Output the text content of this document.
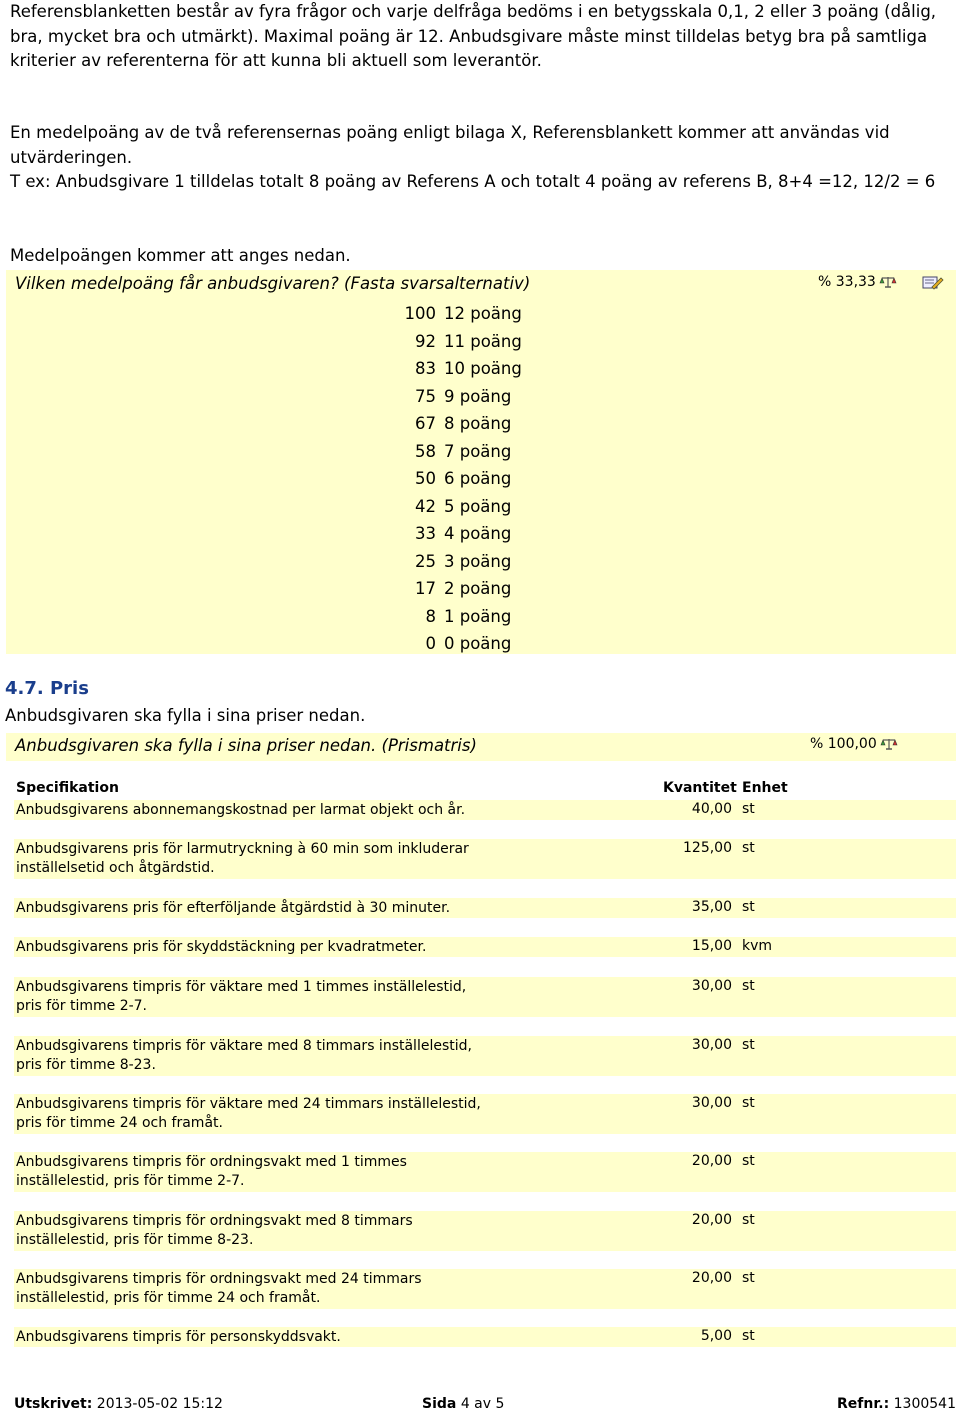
Referensblanketten består av fyra frågor och varje delfråga bedöms i en betygsskala 0,1, 2 eller 3 poäng (dålig, bra, mycket bra och utmärkt). Maximal poäng är 12. Anbudsgivare måste minst tilldelas betyg bra på samtliga kriterier av referenterna för att kunna bli aktuell som leverantör.

En medelpoäng av de två referensernas poäng enligt bilaga X, Referensblankett kommer att användas vid utvärderingen.

T ex: Anbudsgivare 1 tilldelas totalt 8 poäng av Referens A och totalt 4 poäng av referens B, 8+4 =12, 12/2 = 6

Medelpoängen kommer att anges nedan.

Vilken medelpoäng får anbudsgivaren? (Fasta svarsalternativ)	% 33,33
100 12 poäng
92 11 poäng
83 10 poäng
75 9 poäng
67 8 poäng
58 7 poäng
50 6 poäng
42 5 poäng
33 4 poäng
25 3 poäng
17 2 poäng
8 1 poäng
0 0 poäng
4.7. Pris
Anbudsgivaren ska fylla i sina priser nedan.
Anbudsgivaren ska fylla i sina priser nedan. (Prismatris)	% 100,00
Specifikation	Kvantitet Enhet
Anbudsgivarens abonnemangskostnad per larmat objekt och år.	40,00 st
Anbudsgivarens pris för larmutryckning à 60 min som inkluderar inställelsetid och åtgärdstid.
125,00 st
Anbudsgivarens pris för efterföljande åtgärdstid à 30 minuter.	35,00 st
Anbudsgivarens pris för skyddstäckning per kvadratmeter.	15,00 kvm
Anbudsgivarens timpris för väktare med 1 timmes inställelestid, pris för timme 2-7.
30,00 st
Anbudsgivarens timpris för väktare med 8 timmars inställelestid, pris för timme 8-23.
30,00 st
Anbudsgivarens timpris för väktare med 24 timmars inställelestid, pris för timme 24 och framåt.
30,00 st
Anbudsgivarens timpris för ordningsvakt med 1 timmes inställelestid, pris för timme 2-7.
20,00 st
Anbudsgivarens timpris för ordningsvakt med 8 timmars inställelestid, pris för timme 8-23.
20,00 st
Anbudsgivarens timpris för ordningsvakt med 24 timmars inställelestid, pris för timme 24 och framåt.
20,00 st
Anbudsgivarens timpris för personskyddsvakt.	5,00 st
Utskrivet: 2013-05-02 15:12	Sida 4 av 5	Refnr.: 1300541
